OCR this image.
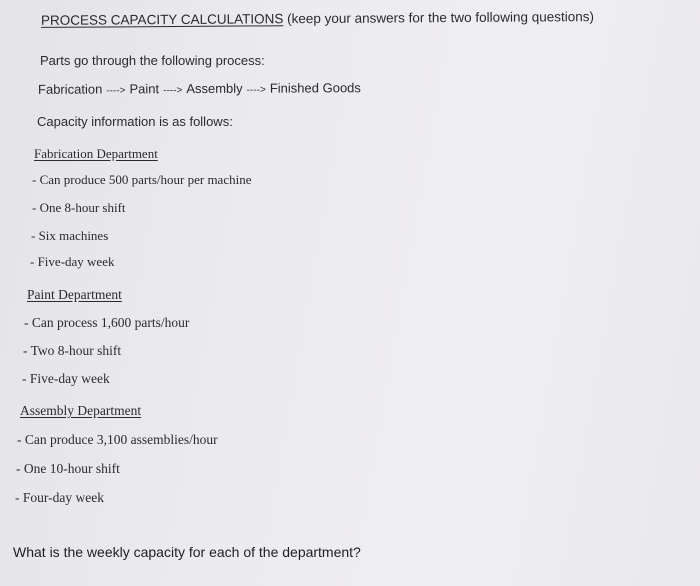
PROCESS CAPACITY CALCULATIONS (keep your answers for the two following questions)
Parts go through the following process:
Fabrication ----> Paint ----> Assembly ----> Finished Goods
Capacity information is as follows:
Fabrication Department
- Can produce 500 parts/hour per machine
- One 8-hour shift
- Six machines
- Five-day week
Paint Department
- Can process 1,600 parts/hour
- Two 8-hour shift
- Five-day week
Assembly Department
- Can produce 3,100 assemblies/hour
- One 10-hour shift
- Four-day week
What is the weekly capacity for each of the department?
